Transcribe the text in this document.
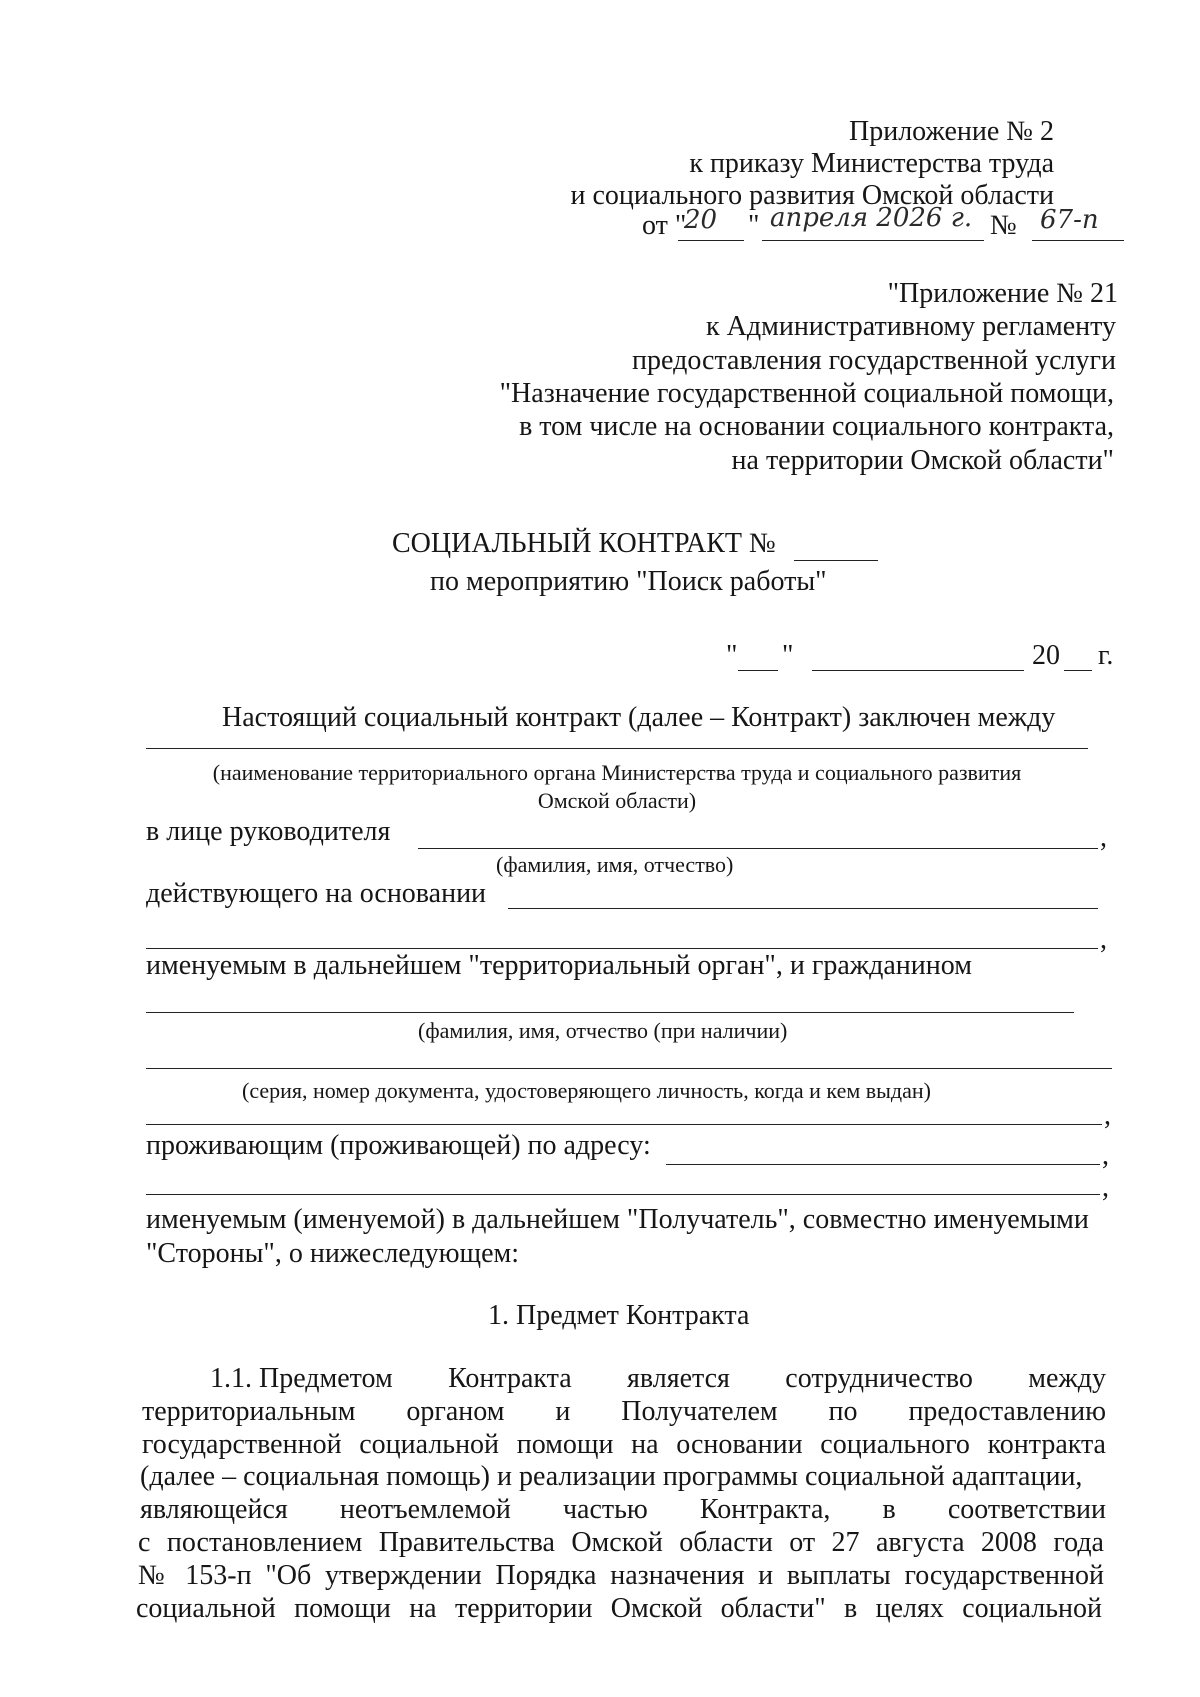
Приложение № 2
к приказу Министерства труда
и социального развития Омской области
от "
20 " апреля 2026 г. № 67-п
"Приложение № 21
к Административному регламенту
предоставления государственной услуги
"Назначение государственной социальной помощи,
в том числе на основании социального контракта,
на территории Омской области"
СОЦИАЛЬНЫЙ КОНТРАКТ №
по мероприятию "Поиск работы"
" "	20 г.
Настоящий социальный контракт (далее – Контракт) заключен между
(наименование территориального органа Министерства труда и социального развития
Омской области)
в лице руководителя	,
(фамилия, имя, отчество)
действующего на основании
,
именуемым в дальнейшем "территориальный орган", и гражданином
(фамилия, имя, отчество (при наличии)
(серия, номер документа, удостоверяющего личность, когда и кем выдан)
,
проживающим (проживающей) по адресу:	,
,
именуемым (именуемой) в дальнейшем "Получатель", совместно именуемыми
"Стороны", о нижеследующем:
1. Предмет Контракта
1.1. Предметом Контракта является сотрудничество между
территориальным органом и Получателем по предоставлению
государственной социальной помощи на основании социального контракта
(далее – социальная помощь) и реализации программы социальной адаптации,
являющейся неотъемлемой частью Контракта, в соответствии
с постановлением Правительства Омской области от 27 августа 2008 года
№ 153-п "Об утверждении Порядка назначения и выплаты государственной
социальной помощи на территории Омской области" в целях социальной
